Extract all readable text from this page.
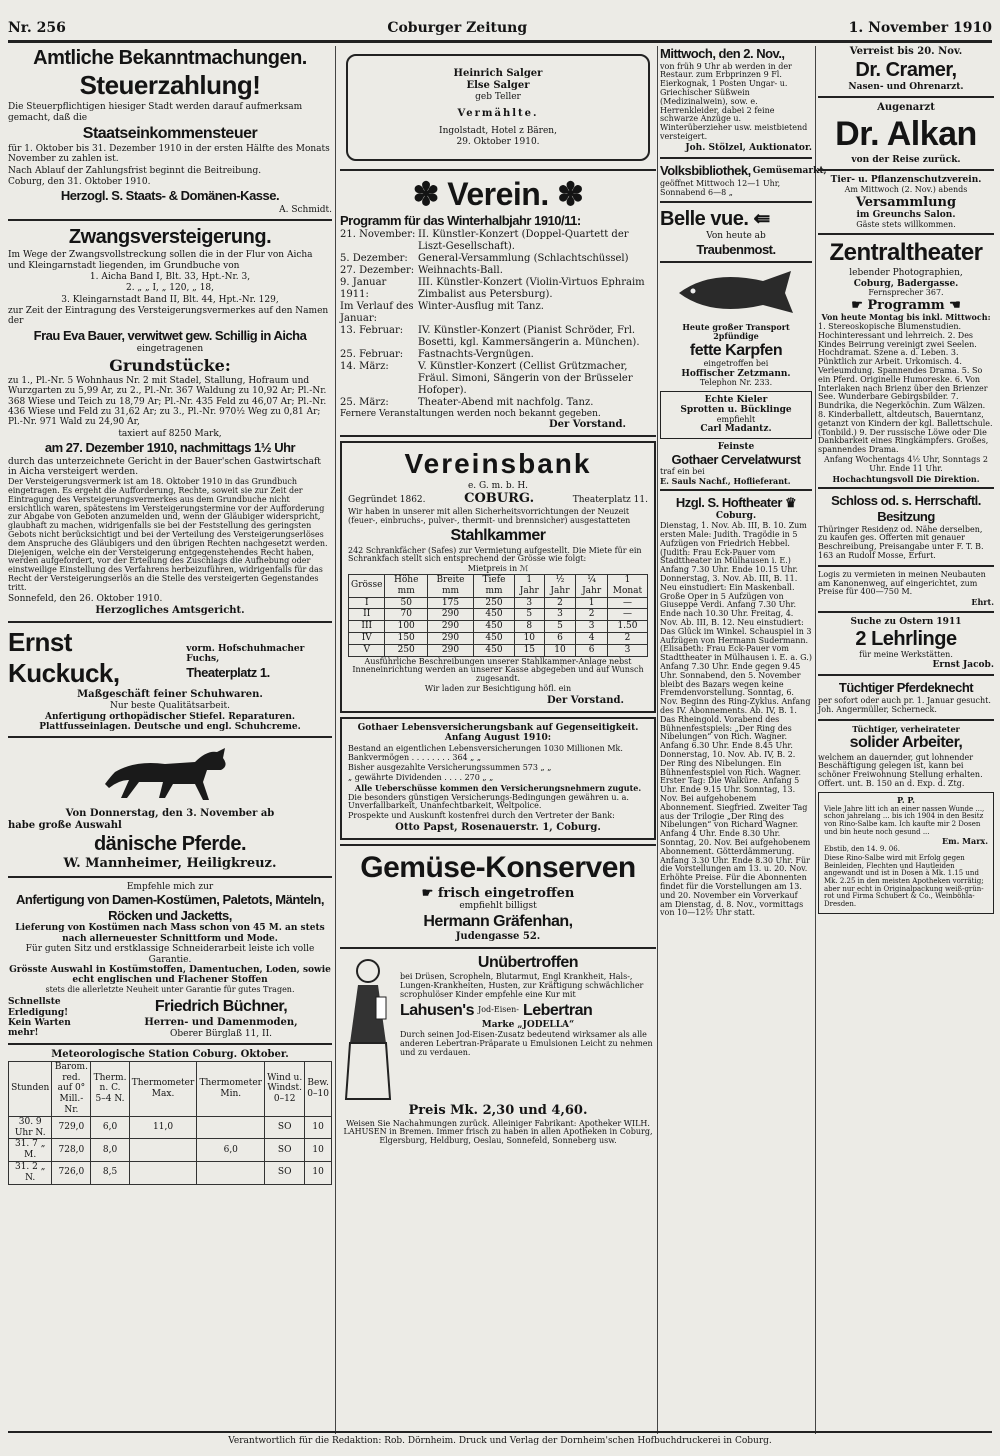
Nr. 256	Coburger Zeitung	1. November 1910
Amtliche Bekanntmachungen.
Steuerzahlung!

Die Steuerpflichtigen hiesiger Stadt werden darauf aufmerksam gemacht, daß die

Staatseinkommensteuer

für 1. Oktober bis 31. Dezember 1910 in der ersten Hälfte des Monats November zu zahlen ist.

Nach Ablauf der Zahlungsfrist beginnt die Beitreibung.

Coburg, den 31. Oktober 1910.

Herzogl. S. Staats- & Domänen-Kasse.

A. Schmidt.

Zwangsversteigerung.

Im Wege der Zwangsvollstreckung sollen die in der Flur von Aicha und Kleingarnstadt liegenden, im Grundbuche von

1. Aicha Band I, Blt. 33, Hpt.-Nr. 3,

2. „ „ I, „ 120, „ 18,

3. Kleingarnstadt Band II, Blt. 44, Hpt.-Nr. 129,

zur Zeit der Eintragung des Versteigerungsvermerkes auf den Namen der

Frau Eva Bauer, verwitwet gew. Schillig in Aicha

eingetragenen

Grundstücke:

zu 1., Pl.-Nr. 5 Wohnhaus Nr. 2 mit Stadel, Stallung, Hofraum und Wurzgarten zu 5,99 Ar, zu 2., Pl.-Nr. 367 Waldung zu 10,92 Ar; Pl.-Nr. 368 Wiese und Teich zu 18,79 Ar; Pl.-Nr. 435 Feld zu 46,07 Ar; Pl.-Nr. 436 Wiese und Feld zu 31,62 Ar; zu 3., Pl.-Nr. 970½ Weg zu 0,81 Ar; Pl.-Nr. 971 Wald zu 24,90 Ar,

taxiert auf 8250 Mark,

am 27. Dezember 1910, nachmittags 1½ Uhr

durch das unterzeichnete Gericht in der Bauer'schen Gastwirtschaft in Aicha versteigert werden.

Der Versteigerungsvermerk ist am 18. Oktober 1910 in das Grundbuch eingetragen. Es ergeht die Aufforderung, Rechte, soweit sie zur Zeit der Eintragung des Versteigerungsvermerkes aus dem Grundbuche nicht ersichtlich waren, spätestens im Versteigerungstermine vor der Aufforderung zur Abgabe von Geboten anzumelden und, wenn der Gläubiger widerspricht, glaubhaft zu machen, widrigenfalls sie bei der Feststellung des geringsten Gebots nicht berücksichtigt und bei der Verteilung des Versteigerungserlöses dem Anspruche des Gläubigers und den übrigen Rechten nachgesetzt werden. Diejenigen, welche ein der Versteigerung entgegenstehendes Recht haben, werden aufgefordert, vor der Erteilung des Zuschlags die Aufhebung oder einstweilige Einstellung des Verfahrens herbeizuführen, widrigenfalls für das Recht der Versteigerungserlös an die Stelle des versteigerten Gegenstandes tritt.

Sonnefeld, den 26. Oktober 1910.

Herzogliches Amtsgericht.
Ernst Kuckuck,
vorm. Hofschuhmacher Fuchs,
Theaterplatz 1.
Maßgeschäft feiner Schuhwaren.
Nur beste Qualitätsarbeit.
Anfertigung orthopädischer Stiefel. Reparaturen.
Plattfusseinlagen. Deutsche und engl. Schuhcreme.
Von Donnerstag, den 3. November ab
habe große Auswahl
dänische Pferde.
W. Mannheimer, Heiligkreuz.
Empfehle mich zur
Anfertigung von Damen-Kostümen, Paletots, Mänteln, Röcken und Jacketts,
Lieferung von Kostümen nach Mass schon von 45 M. an stets nach allerneuester Schnittform und Mode.
Für guten Sitz und erstklassige Schneiderarbeit leiste ich volle Garantie.
Grösste Auswahl in Kostümstoffen, Damentuchen, Loden, sowie echt englischen und Flachener Stoffen
stets die allerletzte Neuheit unter Garantie für gutes Tragen.
Schnellste Erledigung!
Kein Warten mehr!
Friedrich Büchner,
Herren- und Damenmoden,
Oberer Bürglaß 11, II.
Meteorologische Station Coburg. Oktober.
Stunden	Barom. red. auf 0° Mill.-Nr.	Therm. n. C. 5–4 N.	Thermometer Max.	Thermometer Min.	Wind u. Windst. 0–12	Bew. 0–10
30. 9 Uhr N.	729,0	6,0	11,0		SO	10
31. 7 „ M.	728,0	8,0		6,0	SO	10
31. 2 „ N.	726,0	8,5			SO	10
Heinrich Salger
Else Salger
geb Teller
Vermählte.
Ingolstadt, Hotel z Bären,
29. Oktober 1910.
✽ Verein. ✽
Programm für das Winterhalbjahr 1910/11:
21. November: II. Künstler-Konzert (Doppel-Quartett der Liszt-Gesellschaft).
5. Dezember:	General-Versammlung (Schlachtschüssel)
27. Dezember: Weihnachts-Ball.
9. Januar 1911:
III. Künstler-Konzert (Violin-Virtuos Ephraim Zimbalist aus Petersburg).
Im Verlauf des Januar:
Winter-Ausflug mit Tanz.
13. Februar:	IV. Künstler-Konzert (Pianist Schröder, Frl. Bosetti, kgl. Kammersängerin a. München).
25. Februar:	Fastnachts-Vergnügen.
14. März:	V. Künstler-Konzert (Cellist Grützmacher, Fräul. Simoni, Sängerin von der Brüsseler Hofoper).
25. März:	Theater-Abend mit nachfolg. Tanz.
Fernere Veranstaltungen werden noch bekannt gegeben.
Der Vorstand.
Vereinsbank
e. G. m. b. H.
Gegründet 1862.	COBURG.	Theaterplatz 11.

Wir haben in unserer mit allen Sicherheitsvorrichtungen der Neuzeit (feuer-, einbruchs-, pulver-, thermit- und brennsicher) ausgestatteten

Stahlkammer

242 Schrankfächer (Safes) zur Vermietung aufgestellt. Die Miete für ein Schrankfach stellt sich entsprechend der Grösse wie folgt:

Mietpreis in ℳ
Grösse	Höhe mm	Breite mm	Tiefe mm	1 Jahr	½ Jahr	¼ Jahr	1 Monat
I	50	175	250	3	2	1	—
II	70	290	450	5	3	2	—
III	100	290	450	8	5	3	1.50
IV	150	290	450	10	6	4	2
V	250	290	450	15	10	6	3

Ausführliche Beschreibungen unserer Stahlkammer-Anlage nebst Inneneinrichtung werden an unserer Kasse abgegeben und auf Wunsch zugesandt.

Wir laden zur Besichtigung höfl. ein

Der Vorstand.
Gothaer Lebensversicherungsbank auf Gegenseitigkeit.
Anfang August 1910:

Bestand an eigentlichen Lebensversicherungen 1030 Millionen Mk.

Bankvermögen . . . . . . . . 364 „ „

Bisher ausgezahlte Versicherungssummen 573 „ „

„ gewährte Dividenden . . . . 270 „ „

Alle Ueberschüsse kommen den Versicherungsnehmern zugute.

Die besonders günstigen Versicherungs-Bedingungen gewähren u. a. Unverfallbarkeit, Unanfechtbarkeit, Weltpolice.

Prospekte und Auskunft kostenfrei durch den Vertreter der Bank:

Otto Papst, Rosenauerstr. 1, Coburg.
Gemüse-Konserven
☛ frisch eingetroffen
empfiehlt billigst
Hermann Gräfenhan,
Judengasse 52.
Unübertroffen

bei Drüsen, Scropheln, Blutarmut, Engl Krankheit, Hals-, Lungen-Krankheiten, Husten, zur Kräftigung schwächlicher scrophulöser Kinder empfehle eine Kur mit

Lahusen's Jod-Eisen- Lebertran
Marke „JODELLA“

Durch seinen Jod-Eisen-Zusatz bedeutend wirksamer als alle anderen Lebertran-Präparate u Emulsionen Leicht zu nehmen und zu verdauen.

Preis Mk. 2,30 und 4,60.

Weisen Sie Nachahmungen zurück. Alleiniger Fabrikant: Apotheker WILH. LAHUSEN in Bremen. Immer frisch zu haben in allen Apotheken in Coburg, Elgersburg, Heldburg, Oeslau, Sonnefeld, Sonneberg usw.

Mittwoch, den 2. Nov.,

von früh 9 Uhr ab werden in der Restaur. zum Erbprinzen 9 Fl. Eierkognak, 1 Posten Ungar- u. Griechischer Süßwein (Medizinalwein), sow. e. Herrenkleider, dabei 2 feine schwarze Anzüge u. Winterüberzieher usw. meistbietend versteigert.

Joh. Stölzel, Auktionator.
Volksbibliothek, Gemüsemarkt,

geöffnet Mittwoch 12—1 Uhr, Sonnabend 6—8 „

Belle vue. ⇚
Von heute ab
Traubenmost.
Heute großer Transport
2pfündige
fette Karpfen
eingetroffen bei
Hoffischer Zetzmann.
Telephon Nr. 233.
Echte Kieler
Sprotten u. Bücklinge
empfiehlt
Carl Madantz.
Feinste
Gothaer Cervelatwurst
traf ein bei
E. Sauls Nachf., Hoflieferant.
Hzgl. S. Hoftheater ♛
Coburg.

Dienstag, 1. Nov. Ab. III, B. 10. Zum ersten Male: Judith. Tragödie in 5 Aufzügen von Friedrich Hebbel. (Judith: Frau Eck-Pauer vom Stadttheater in Mülhausen i. E.) Anfang 7.30 Uhr. Ende 10.15 Uhr. Donnerstag, 3. Nov. Ab. III, B. 11. Neu einstudiert: Ein Maskenball. Große Oper in 5 Aufzügen von Giuseppe Verdi. Anfang 7.30 Uhr. Ende nach 10.30 Uhr. Freitag, 4. Nov. Ab. III, B. 12. Neu einstudiert: Das Glück im Winkel. Schauspiel in 3 Aufzügen von Hermann Sudermann. (Elisabeth: Frau Eck-Pauer vom Stadttheater in Mülhausen i. E. a. G.) Anfang 7.30 Uhr. Ende gegen 9.45 Uhr. Sonnabend, den 5. November bleibt des Bazars wegen keine Fremdenvorstellung. Sonntag, 6. Nov. Beginn des Ring-Zyklus. Anfang des IV. Abonnements. Ab. IV, B. 1. Das Rheingold. Vorabend des Bühnenfestspiels: „Der Ring des Nibelungen“ von Rich. Wagner. Anfang 6.30 Uhr. Ende 8.45 Uhr. Donnerstag, 10. Nov. Ab. IV, B. 2. Der Ring des Nibelungen. Ein Bühnenfestspiel von Rich. Wagner. Erster Tag: Die Walküre. Anfang 5 Uhr. Ende 9.15 Uhr. Sonntag, 13. Nov. Bei aufgehobenem Abonnement. Siegfried. Zweiter Tag aus der Trilogie „Der Ring des Nibelungen“ von Richard Wagner. Anfang 4 Uhr. Ende 8.30 Uhr. Sonntag, 20. Nov. Bei aufgehobenem Abonnement. Götterdämmerung. Anfang 3.30 Uhr. Ende 8.30 Uhr. Für die Vorstellungen am 13. u. 20. Nov. Erhöhte Preise. Für die Abonnenten findet für die Vorstellungen am 13. und 20. November ein Vorverkauf am Dienstag, d. 8. Nov., vormittags von 10—12½ Uhr statt.

Verreist bis 20. Nov.
Dr. Cramer,
Nasen- und Ohrenarzt.
Augenarzt
Dr. Alkan
von der Reise zurück.
Tier- u. Pflanzenschutzverein.
Am Mittwoch (2. Nov.) abends
Versammlung
im Greunchs Salon.
Gäste stets willkommen.
Zentraltheater
lebender Photographien,
Coburg, Badergasse.
Fernsprecher 367.
☛ Programm ☚
Von heute Montag bis inkl. Mittwoch:

1. Stereoskopische Blumenstudien. Hochinteressant und lehrreich. 2. Des Kindes Beirrung vereinigt zwei Seelen. Hochdramat. Szene a. d. Leben. 3. Pünktlich zur Arbeit. Urkomisch. 4. Verleumdung. Spannendes Drama. 5. So ein Pferd. Originelle Humoreske. 6. Von Interlaken nach Brienz über den Brienzer See. Wunderbare Gebirgsbilder. 7. Bundrika, die Negerköchin. Zum Wälzen. 8. Kinderballett, altdeutsch, Bauerntanz, getanzt von Kindern der kgl. Ballettschule. (Tonbild.) 9. Der russische Löwe oder Die Dankbarkeit eines Ringkämpfers. Großes, spannendes Drama.

Anfang Wochentags 4½ Uhr, Sonntags 2 Uhr. Ende 11 Uhr.

Hochachtungsvoll Die Direktion.

Schloss od. s. Herrschaftl. Besitzung

Thüringer Residenz od. Nähe derselben, zu kaufen ges. Offerten mit genauer Beschreibung, Preisangabe unter F. T. B. 163 an Rudolf Mosse, Erfurt.

Logis zu vermieten in meinen Neubauten am Kanonenweg, auf eingerichtet, zum Preise für 400—750 M.

Ehrt.
Suche zu Ostern 1911
2 Lehrlinge
für meine Werkstätten.
Ernst Jacob.
Tüchtiger Pferdeknecht

per sofort oder auch pr. 1. Januar gesucht. Joh. Angermüller, Scherneck.

Tüchtiger, verheirateter
solider Arbeiter,

welchem an dauernder, gut lohnender Beschäftigung gelegen ist, kann bei schöner Freiwohnung Stellung erhalten. Offert. unt. B. 150 an d. Exp. d. Ztg.

P. P.

Viele Jahre litt ich an einer nassen Wunde ..., schon jahrelang ... bis ich 1904 in den Besitz von Rino-Salbe kam. Ich kaufte mir 2 Dosen und bin heute noch gesund ...

Em. Marx.
Ebstib, den 14. 9. 06.

Diese Rino-Salbe wird mit Erfolg gegen Beinleiden, Flechten und Hautleiden angewandt und ist in Dosen à Mk. 1.15 und Mk. 2.25 in den meisten Apotheken vorrätig; aber nur echt in Originalpackung weiß-grün-rot und Firma Schubert & Co., Weinböhla-Dresden.

Verantwortlich für die Redaktion: Rob. Dörnheim. Druck und Verlag der Dornheim'schen Hofbuchdruckerei in Coburg.
